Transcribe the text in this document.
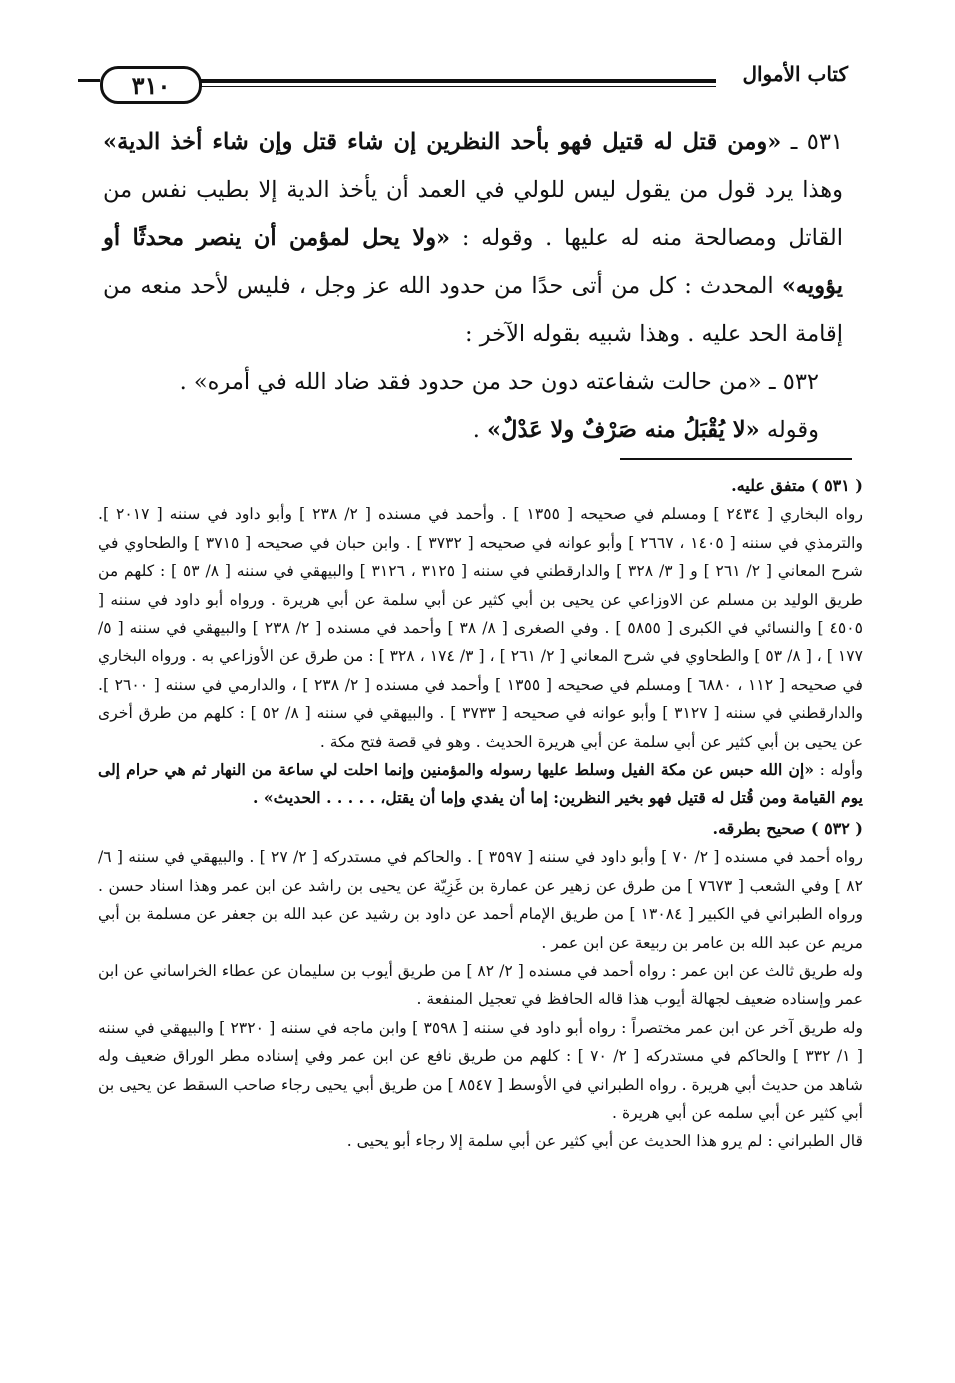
كتاب الأموال
٣١٠

٥٣١ ـ «ومن قتل له قتيل فهو بأحد النظرين إن شاء قتل وإن شاء أخذ الدية» وهذا يرد قول من يقول ليس للولي في العمد أن يأخذ الدية إلا بطيب نفس من القاتل ومصالحة منه له عليها . وقوله : «ولا يحل لمؤمن أن ينصر محدثًا أو يؤويه» المحدث : كل من أتى حدًا من حدود الله عز وجل ، فليس لأحد منعه من إقامة الحد عليه . وهذا شبيه بقوله الآخر :

٥٣٢ ـ «من حالت شفاعته دون حد من حدود فقد ضاد الله في أمره» .

وقوله «لا يُقْبَلُ منه صَرْفٌ ولا عَدْلٌ» .

( ٥٣١ ) متفق عليه.

رواه البخاري [ ٢٤٣٤ ] ومسلم في صحيحه [ ١٣٥٥ ] . وأحمد في مسنده [ ٢/ ٢٣٨ ] وأبو داود في سننه [ ٢٠١٧ ]. والترمذي في سننه [ ١٤٠٥ ، ٢٦٦٧ ] وأبو عوانه في صحيحه [ ٣٧٣٢ ] . وابن حبان في صحيحه [ ٣٧١٥ ] والطحاوي في شرح المعاني [ ٢/ ٢٦١ ] و [ ٣/ ٣٢٨ ] والدارقطني في سننه [ ٣١٢٥ ، ٣١٢٦ ] والبيهقي في سننه [ ٨/ ٥٣ ] : كلهم من طريق الوليد بن مسلم عن الاوزاعي عن يحيى بن أبي كثير عن أبي سلمة عن أبي هريرة . ورواه أبو داود في سننه [ ٤٥٠٥ ] والنسائي في الكبرى [ ٥٨٥٥ ] . وفي الصغرى [ ٨/ ٣٨ ] وأحمد في مسنده [ ٢/ ٢٣٨ ] والبيهقي في سننه [ ٥/ ١٧٧ ] ، [ ٨/ ٥٣ ] والطحاوي في شرح المعاني [ ٢/ ٢٦١ ] ، [ ٣/ ١٧٤ ، ٣٢٨ ] : من طرق عن الأوزاعي به . ورواه البخاري في صحيحه [ ١١٢ ، ٦٨٨٠ ] ومسلم في صحيحه [ ١٣٥٥ ] وأحمد في مسنده [ ٢/ ٢٣٨ ] ، والدارمي في سننه [ ٢٦٠٠ ]. والدارقطني في سننه [ ٣١٢٧ ] وأبو عوانه في صحيحه [ ٣٧٣٣ ] . والبيهقي في سننه [ ٨/ ٥٢ ] : كلهم من طرق أخرى عن يحيى بن أبي كثير عن أبي سلمة عن أبي هريرة الحديث . وهو في قصة فتح مكة .

وأوله : «إن الله حبس عن مكة الفيل وسلط عليها رسوله والمؤمنين وإنما احلت لي ساعة من النهار ثم هي حرام إلى يوم القيامة ومن قُتل له قتيل فهو بخير النظرين: إما أن يفدي وإما أن يقتل، . . . . . الحديث» .

( ٥٣٢ ) صحيح بطرقه.

رواه أحمد في مسنده [ ٢/ ٧٠ ] وأبو داود في سننه [ ٣٥٩٧ ] . والحاكم في مستدركه [ ٢/ ٢٧ ] . والبيهقي في سننه [ ٦/ ٨٢ ] وفي الشعب [ ٧٦٧٣ ] من طرق عن زهير عن عمارة بن غَزِيّة عن يحيى بن راشد عن ابن عمر وهذا اسناد حسن . ورواه الطبراني في الكبير [ ١٣٠٨٤ ] من طريق الإمام أحمد عن داود بن رشيد عن عبد الله بن جعفر عن مسلمة بن أبي مريم عن عبد الله بن عامر بن ربيعة عن ابن عمر .

وله طريق ثالث عن ابن عمر : رواه أحمد في مسنده [ ٢/ ٨٢ ] من طريق أيوب بن سليمان عن عطاء الخراساني عن ابن عمر وإسناده ضعيف لجهالة أيوب هذا قاله الحافظ في تعجيل المنفعة .

وله طريق آخر عن ابن عمر مختصراً : رواه أبو داود في سننه [ ٣٥٩٨ ] وابن ماجه في سننه [ ٢٣٢٠ ] والبيهقي في سننه [ ١/ ٣٣٢ ] والحاكم في مستدركه [ ٢/ ٧٠ ] : كلهم من طريق نافع عن ابن عمر وفي إسناده مطر الوراق ضعيف وله شاهد من حديث أبي هريرة . رواه الطبراني في الأوسط [ ٨٥٤٧ ] من طريق أبي يحيى رجاء صاحب السقط عن يحيى بن أبي كثير عن أبي سلمه عن أبي هريرة .

قال الطبراني : لم يرو هذا الحديث عن أبي كثير عن أبي سلمة إلا رجاء أبو يحيى .
